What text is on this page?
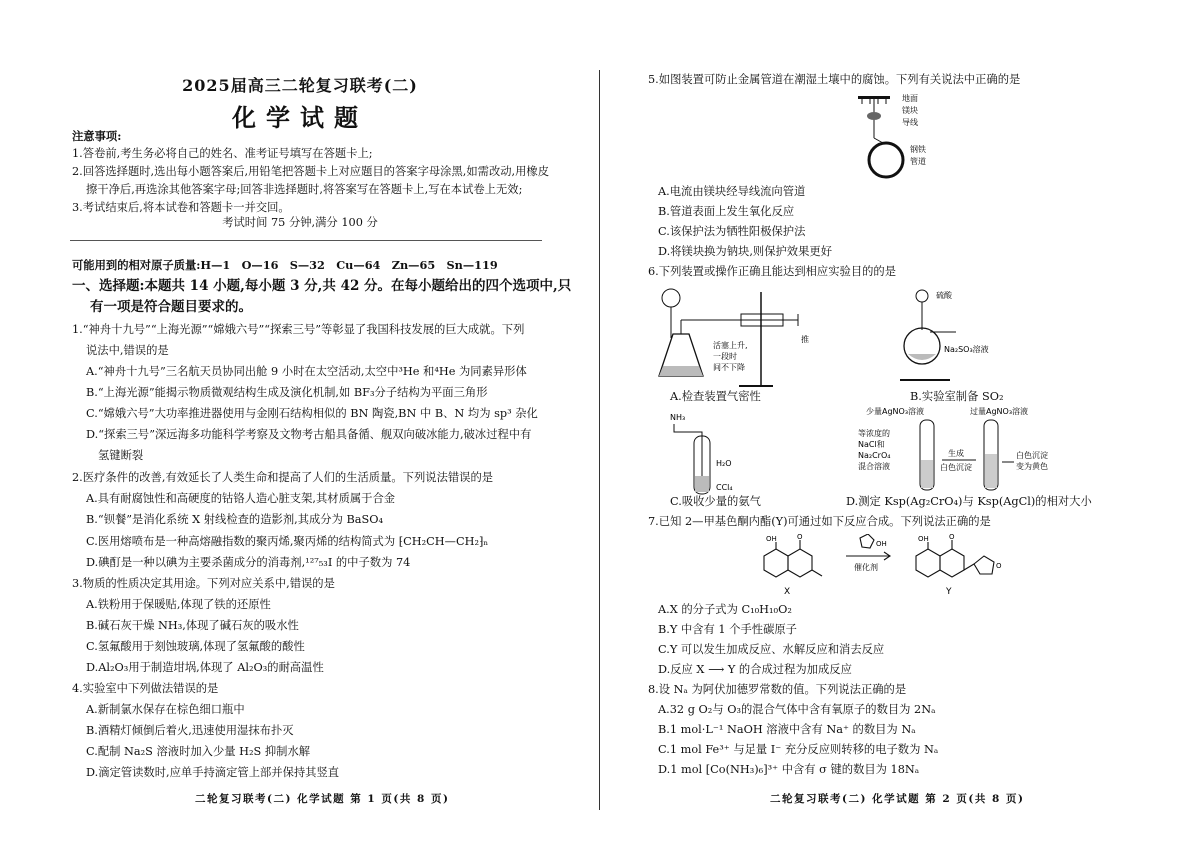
2025届高三二轮复习联考(二)
化学试题
注意事项:
1.答卷前,考生务必将自己的姓名、准考证号填写在答题卡上;
2.回答选择题时,选出每小题答案后,用铅笔把答题卡上对应题目的答案字母涂黑,如需改动,用橡皮
擦干净后,再选涂其他答案字母;回答非选择题时,将答案写在答题卡上,写在本试卷上无效;
3.考试结束后,将本试卷和答题卡一并交回。
考试时间 75 分钟,满分 100 分
可能用到的相对原子质量:H—1　O—16　S—32　Cu—64　Zn—65　Sn—119
一、选择题:本题共 14 小题,每小题 3 分,共 42 分。在每小题给出的四个选项中,只
有一项是符合题目要求的。
1.“神舟十九号”“上海光源”“嫦娥六号”“探索三号”等彰显了我国科技发展的巨大成就。下列
说法中,错误的是
A.“神舟十九号”三名航天员协同出舱 9 小时在太空活动,太空中³He 和⁴He 为同素异形体
B.“上海光源”能揭示物质微观结构生成及演化机制,如 BF₃分子结构为平面三角形
C.“嫦娥六号”大功率推进器使用与金刚石结构相似的 BN 陶瓷,BN 中 B、N 均为 sp³ 杂化
D.“探索三号”深远海多功能科学考察及文物考古船具备循、舰双向破冰能力,破冰过程中有
氢键断裂
2.医疗条件的改善,有效延长了人类生命和提高了人们的生活质量。下列说法错误的是
A.具有耐腐蚀性和高硬度的钴铬人造心脏支架,其材质属于合金
B.“钡餐”是消化系统 X 射线检查的造影剂,其成分为 BaSO₄
C.医用熔喷布是一种高熔融指数的聚丙烯,聚丙烯的结构简式为 ⁅CH₂CH—CH₂⁆ₙ
D.碘酊是一种以碘为主要杀菌成分的消毒剂,¹²⁷₅₃I 的中子数为 74
3.物质的性质决定其用途。下列对应关系中,错误的是
A.铁粉用于保暖贴,体现了铁的还原性
B.碱石灰干燥 NH₃,体现了碱石灰的吸水性
C.氢氟酸用于刻蚀玻璃,体现了氢氟酸的酸性
D.Al₂O₃用于制造坩埚,体现了 Al₂O₃的耐高温性
4.实验室中下列做法错误的是
A.新制氯水保存在棕色细口瓶中
B.酒精灯倾倒后着火,迅速使用湿抹布扑灭
C.配制 Na₂S 溶液时加入少量 H₂S 抑制水解
D.滴定管读数时,应单手持滴定管上部并保持其竖直
二轮复习联考(二) 化学试题 第 1 页(共 8 页)
5.如图装置可防止金属管道在潮湿土壤中的腐蚀。下列有关说法中正确的是
地面
镁块
导线
钢铁
管道
A.电流由镁块经导线流向管道
B.管道表面上发生氧化反应
C.该保护法为牺牲阳极保护法
D.将镁块换为钠块,则保护效果更好
6.下列装置或操作正确且能达到相应实验目的的是
活塞上升,
一段时
间不下降
推
A.检查装置气密性
硫酸
Na₂SO₃溶液
B.实验室制备 SO₂
NH₃
H₂O
CCl₄
C.吸收少量的氨气
少量AgNO₃溶液	过量AgNO₃溶液
等浓度的
NaCl和
Na₂CrO₄
混合溶液
生成
白色沉淀
白色沉淀
变为黄色
D.测定 Ksp(Ag₂CrO₄)与 Ksp(AgCl)的相对大小
7.已知 2—甲基色酮内酯(Y)可通过如下反应合成。下列说法正确的是
OH	O
OH
催化剂
OH	O
O
X	Y
A.X 的分子式为 C₁₀H₁₀O₂
B.Y 中含有 1 个手性碳原子
C.Y 可以发生加成反应、水解反应和消去反应
D.反应 X ⟶ Y 的合成过程为加成反应
8.设 Nₐ 为阿伏加德罗常数的值。下列说法正确的是
A.32 g O₂与 O₃的混合气体中含有氧原子的数目为 2Nₐ
B.1 mol·L⁻¹ NaOH 溶液中含有 Na⁺ 的数目为 Nₐ
C.1 mol Fe³⁺ 与足量 I⁻ 充分反应则转移的电子数为 Nₐ
D.1 mol [Co(NH₃)₆]³⁺ 中含有 σ 键的数目为 18Nₐ
二轮复习联考(二) 化学试题 第 2 页(共 8 页)
